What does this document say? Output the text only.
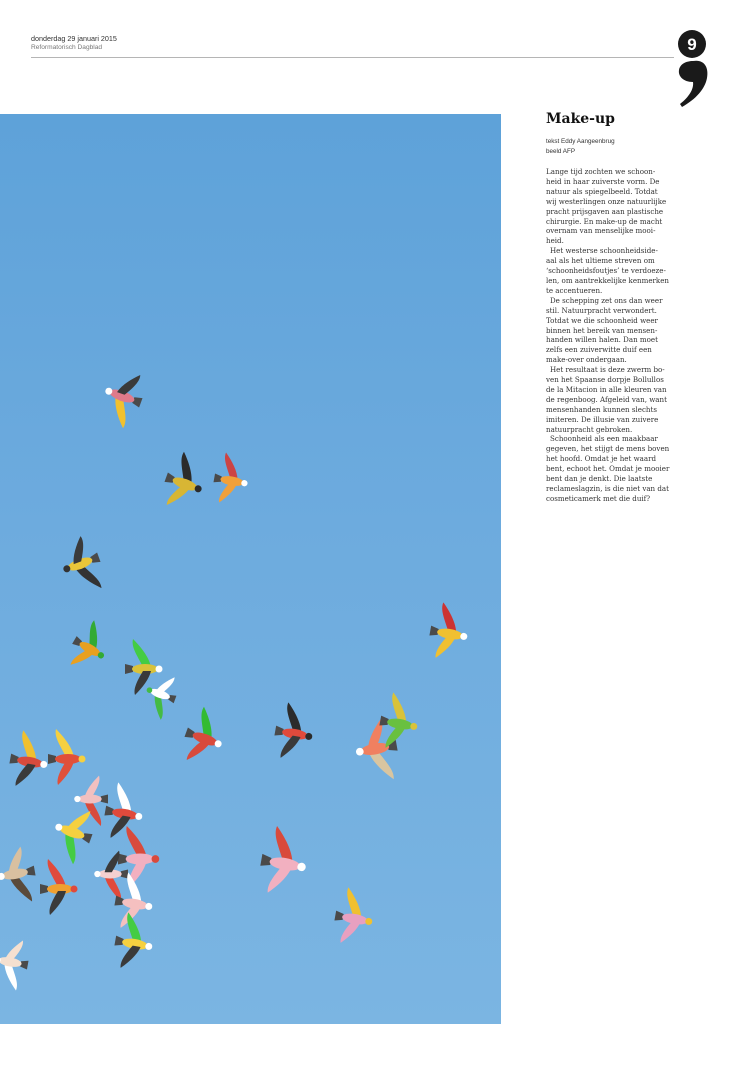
donderdag 29 januari 2015
Reformatorisch Dagblad	9
Make-up
tekst Eddy Aangeenbrug
beeld AFP
Lange tijd zochten we schoon-
heid in haar zuiverste vorm. De
natuur als spiegelbeeld. Totdat
wij westerlingen onze natuurlijke
pracht prijsgaven aan plastische
chirurgie. En make-up de macht
overnam van menselijke mooi-
heid.
Het westerse schoonheidside-
aal als het ultieme streven om
‘schoonheidsfoutjes’ te verdoeze-
len, om aantrekkelijke kenmerken
te accentueren.
De schepping zet ons dan weer
stil. Natuurpracht verwondert.
Totdat we die schoonheid weer
binnen het bereik van mensen-
handen willen halen. Dan moet
zelfs een zuiverwitte duif een
make-over ondergaan.
Het resultaat is deze zwerm bo-
ven het Spaanse dorpje Bollullos
de la Mitacion in alle kleuren van
de regenboog. Afgeleid van, want
mensenhanden kunnen slechts
imiteren. De illusie van zuivere
natuurpracht gebroken.
Schoonheid als een maakbaar
gegeven, het stijgt de mens boven
het hoofd. Omdat je het waard
bent, echoot het. Omdat je mooier
bent dan je denkt. Die laatste
reclameslagzin, is die niet van dat
cosmeticamerk met die duif?
